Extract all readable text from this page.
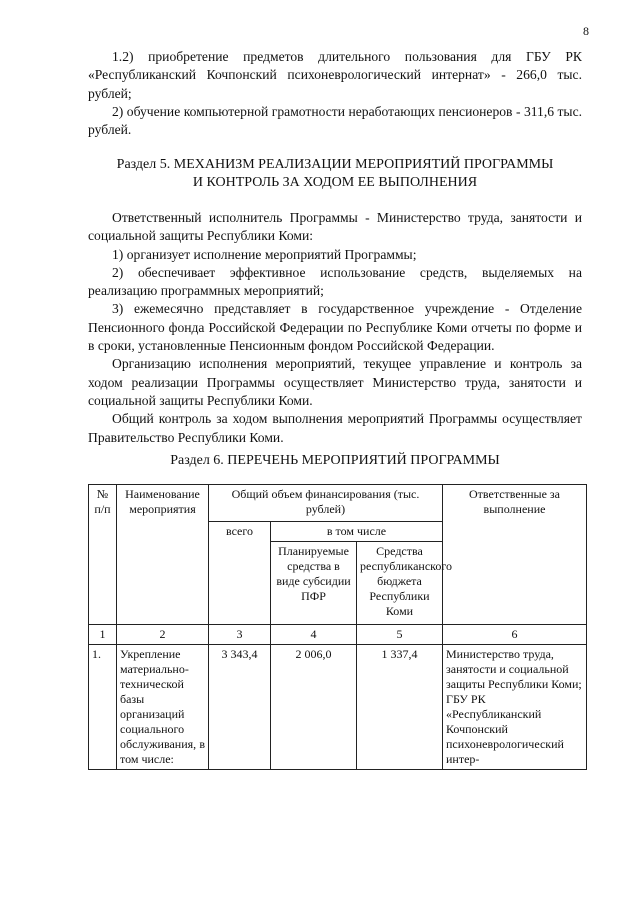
8

1.2) приобретение предметов длительного пользования для ГБУ РК «Республиканский Кочпонский психоневрологический интернат» - 266,0 тыс. рублей;

2) обучение компьютерной грамотности неработающих пенсионеров - 311,6 тыс. рублей.

Раздел 5. МЕХАНИЗМ РЕАЛИЗАЦИИ МЕРОПРИЯТИЙ ПРОГРАММЫ
И КОНТРОЛЬ ЗА ХОДОМ ЕЕ ВЫПОЛНЕНИЯ

Ответственный исполнитель Программы - Министерство труда, занятости и социальной защиты Республики Коми:

1) организует исполнение мероприятий Программы;

2) обеспечивает эффективное использование средств, выделяемых на реализацию программных мероприятий;

3) ежемесячно представляет в государственное учреждение - Отделение Пенсионного фонда Российской Федерации по Республике Коми отчеты по форме и в сроки, установленные Пенсионным фондом Российской Федерации.

Организацию исполнения мероприятий, текущее управление и контроль за ходом реализации Программы осуществляет Министерство труда, занятости и социальной защиты Республики Коми.

Общий контроль за ходом выполнения мероприятий Программы осуществляет Правительство Республики Коми.

Раздел 6. ПЕРЕЧЕНЬ МЕРОПРИЯТИЙ ПРОГРАММЫ
№ п/п	Наименование мероприятия	Общий объем финансирования (тыс. рублей)			Ответственные за выполнение
		всего	в том числе		
			Планируемые средства в виде субсидии ПФР	Средства республиканского бюджета Республики Коми	
1	2	3	4	5	6
1.	Укрепление материально-технической базы организаций социального обслуживания, в том числе:	3 343,4	2 006,0	1 337,4	Министерство труда, занятости и социальной защиты Республики Коми; ГБУ РК «Республиканский Кочпонский психоневрологический интер-
